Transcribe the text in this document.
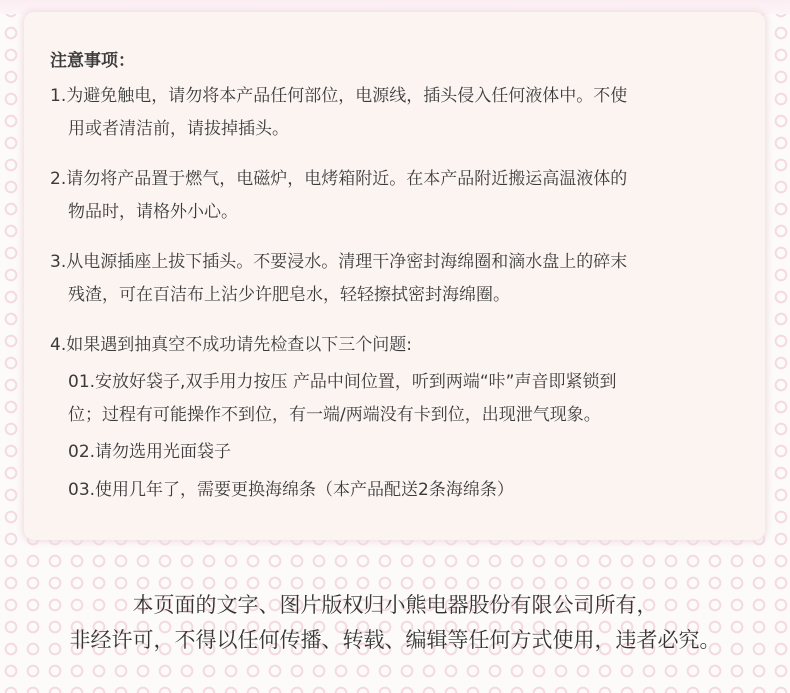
注意事项：
1.为避免触电，请勿将本产品任何部位，电源线，插头侵入任何液体中。不使
用或者清洁前，请拔掉插头。
2.请勿将产品置于燃气，电磁炉，电烤箱附近。在本产品附近搬运高温液体的
物品时，请格外小心。
3.从电源插座上拔下插头。不要浸水。清理干净密封海绵圈和滴水盘上的碎末
残渣，可在百洁布上沾少许肥皂水，轻轻擦拭密封海绵圈。
4.如果遇到抽真空不成功请先检查以下三个问题:
01.安放好袋子,双手用力按压 产品中间位置，听到两端“咔”声音即紧锁到
位；过程有可能操作不到位，有一端/两端没有卡到位，出现泄气现象。
02.请勿选用光面袋子
03.使用几年了，需要更换海绵条（本产品配送2条海绵条）
本页面的文字、图片版权归小熊电器股份有限公司所有，
非经许可，不得以任何传播、转载、编辑等任何方式使用，违者必究。
